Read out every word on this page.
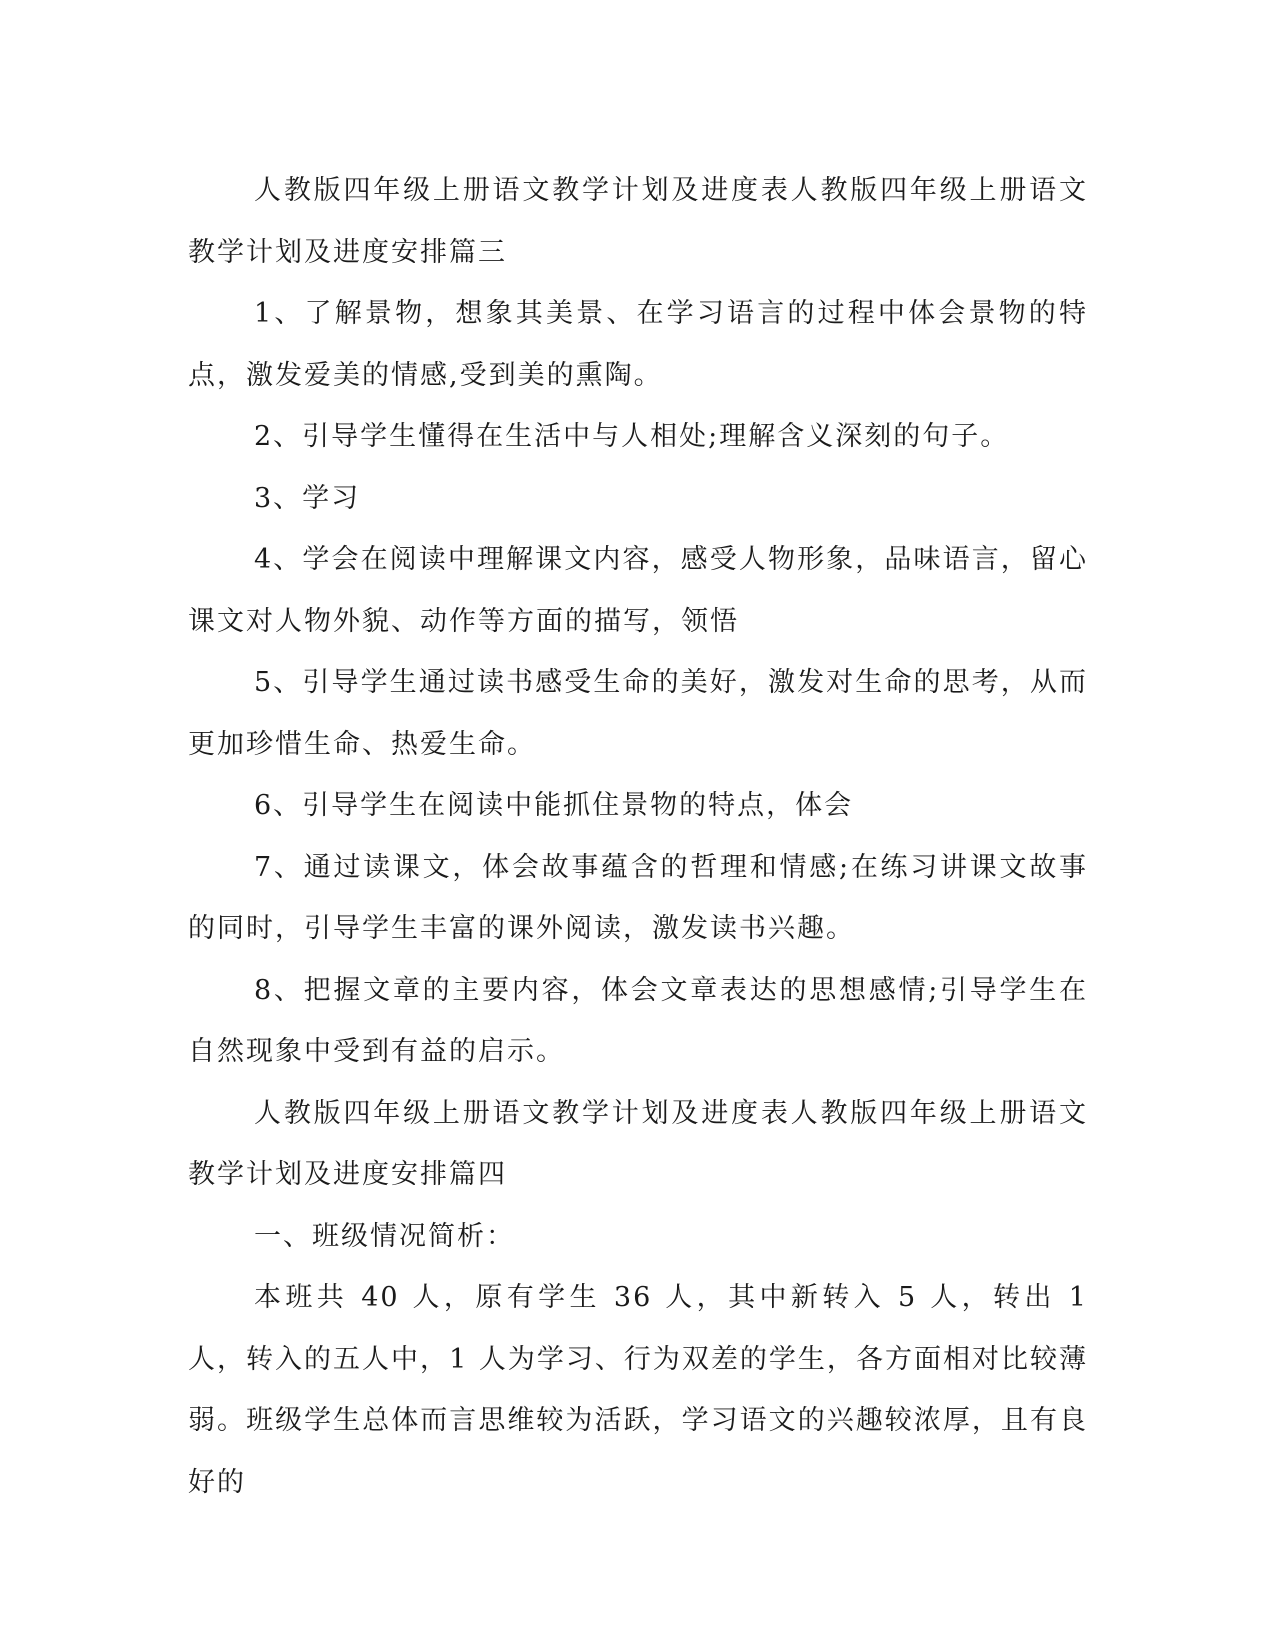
人教版四年级上册语文教学计划及进度表人教版四年级上册语文教学计划及进度安排篇三

1、了解景物，想象其美景、在学习语言的过程中体会景物的特点，激发爱美的情感,受到美的熏陶。

2、引导学生懂得在生活中与人相处;理解含义深刻的句子。

3、学习

4、学会在阅读中理解课文内容，感受人物形象，品味语言，留心课文对人物外貌、动作等方面的描写，领悟

5、引导学生通过读书感受生命的美好，激发对生命的思考，从而更加珍惜生命、热爱生命。

6、引导学生在阅读中能抓住景物的特点，体会

7、通过读课文，体会故事蕴含的哲理和情感;在练习讲课文故事的同时，引导学生丰富的课外阅读，激发读书兴趣。

8、把握文章的主要内容，体会文章表达的思想感情;引导学生在自然现象中受到有益的启示。

人教版四年级上册语文教学计划及进度表人教版四年级上册语文教学计划及进度安排篇四

一、班级情况简析：

本班共 40 人，原有学生 36 人，其中新转入 5 人，转出 1 人，转入的五人中，1 人为学习、行为双差的学生，各方面相对比较薄弱。班级学生总体而言思维较为活跃，学习语文的兴趣较浓厚，且有良好的
